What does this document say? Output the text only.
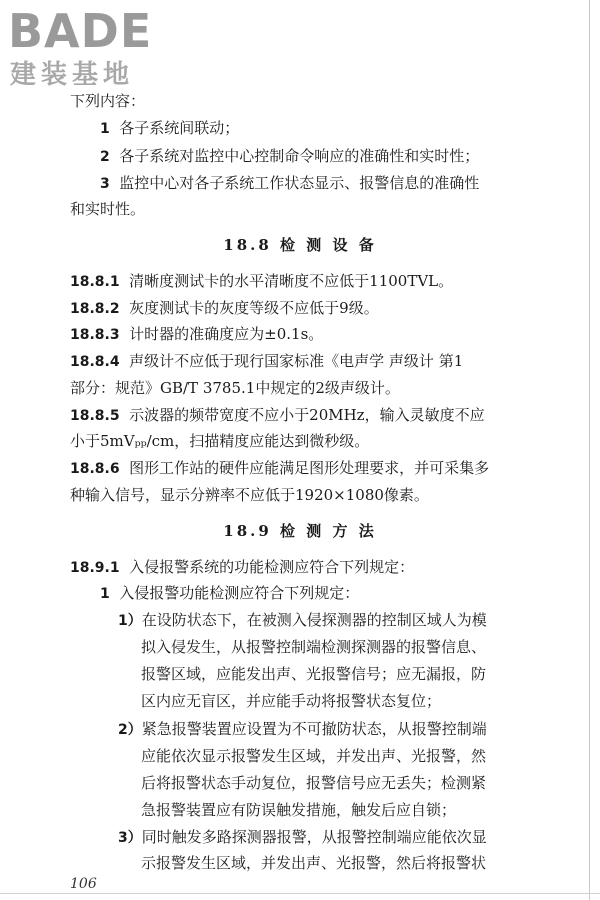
BADE
建装基地
下列内容：
1 各子系统间联动；
2 各子系统对监控中心控制命令响应的准确性和实时性；
3 监控中心对各子系统工作状态显示、报警信息的准确性
和实时性。
18.8 检 测 设 备
18.8.1 清晰度测试卡的水平清晰度不应低于1100TVL。
18.8.2 灰度测试卡的灰度等级不应低于9级。
18.8.3 计时器的准确度应为±0.1s。
18.8.4 声级计不应低于现行国家标准《电声学 声级计 第1
部分：规范》GB/T 3785.1中规定的2级声级计。
18.8.5 示波器的频带宽度不应小于20MHz，输入灵敏度不应
小于5mVₚₚ/cm，扫描精度应能达到微秒级。
18.8.6 图形工作站的硬件应能满足图形处理要求，并可采集多
种输入信号，显示分辨率不应低于1920×1080像素。
18.9 检 测 方 法
18.9.1 入侵报警系统的功能检测应符合下列规定：
1 入侵报警功能检测应符合下列规定：
1）在设防状态下，在被测入侵探测器的控制区域人为模
拟入侵发生，从报警控制端检测探测器的报警信息、
报警区域，应能发出声、光报警信号；应无漏报，防
区内应无盲区，并应能手动将报警状态复位；
2）紧急报警装置应设置为不可撤防状态，从报警控制端
应能依次显示报警发生区域，并发出声、光报警，然
后将报警状态手动复位，报警信号应无丢失；检测紧
急报警装置应有防误触发措施，触发后应自锁；
3）同时触发多路探测器报警，从报警控制端应能依次显
示报警发生区域，并发出声、光报警，然后将报警状
106
